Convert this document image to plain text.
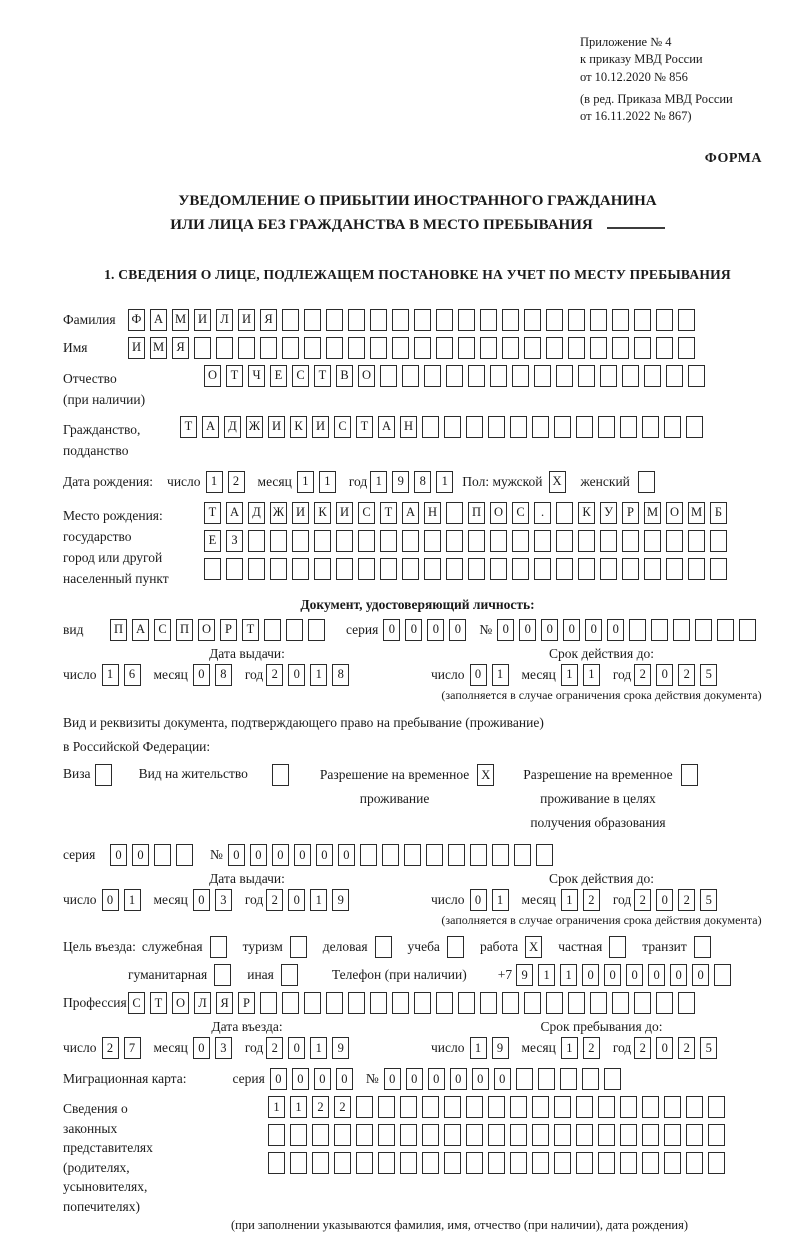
Приложение № 4
к приказу МВД России
от 10.12.2020 № 856
(в ред. Приказа МВД России
от 16.11.2022 № 867)
ФОРМА
УВЕДОМЛЕНИЕ О ПРИБЫТИИ ИНОСТРАННОГО ГРАЖДАНИНА
ИЛИ ЛИЦА БЕЗ ГРАЖДАНСТВА В МЕСТО ПРЕБЫВАНИЯ
1. СВЕДЕНИЯ О ЛИЦЕ, ПОДЛЕЖАЩЕМ ПОСТАНОВКЕ НА УЧЕТ ПО МЕСТУ ПРЕБЫВАНИЯ
Фамилия	Ф	А М И	Л	И	Я
Имя	И М Я
Отчество
(при наличии)
О	Т	Ч	Е	С	Т	В	О
Гражданство,
подданство
Т	А	Д Ж И	К	И	С	Т	А	Н
Дата рождения: число 1	2	месяц 1	1	год 1	9	8	1	Пол: мужской X женский
Место рождения:
государство
город или другой
населенный пункт
Т	А	Д Ж И	К	И	С	Т	А	Н	П	О	С	.	К	У	Р	М О М	Б
Е	З
Документ, удостоверяющий личность:
вид	П	А	С	П	О	Р	Т	серия 0	0	0	0	№ 0	0	0	0	0	0
Дата выдачи:
число 1	6	месяц 0	8	год 2	0	1	8
Срок действия до:
число 0	1	месяц 1	1	год 2	0	2	5
(заполняется в случае ограничения срока действия документа)
Вид и реквизиты документа, подтверждающего право на пребывание (проживание)
в Российской Федерации:
Виза	Вид на жительство	Разрешение на временное
проживание
X Разрешение на временное
проживание в целях
получения образования
серия	0	0	№ 0	0	0	0	0	0
Дата выдачи:
число 0	1	месяц 0	3	год 2	0	1	9
Срок действия до:
число 0	1	месяц 1	2	год 2	0	2	5
(заполняется в случае ограничения срока действия документа)
Цель въезда: служебная	туризм	деловая	учеба	работа X частная	транзит
гуманитарная	иная	Телефон (при наличии) +7 9	1	1	0	0	0	0	0	0
Профессия С	Т	О	Л	Я	Р
Дата въезда:
число 2	7	месяц 0	3	год 2	0	1	9
Срок пребывания до:
число 1	9	месяц 1	2	год 2	0	2	5
Миграционная карта:	серия 0	0	0	0	№ 0	0	0	0	0	0
Сведения о
законных
представителях
(родителях,
усыновителях,
попечителях)
1	1	2	2
(при заполнении указываются фамилия, имя, отчество (при наличии), дата рождения)
